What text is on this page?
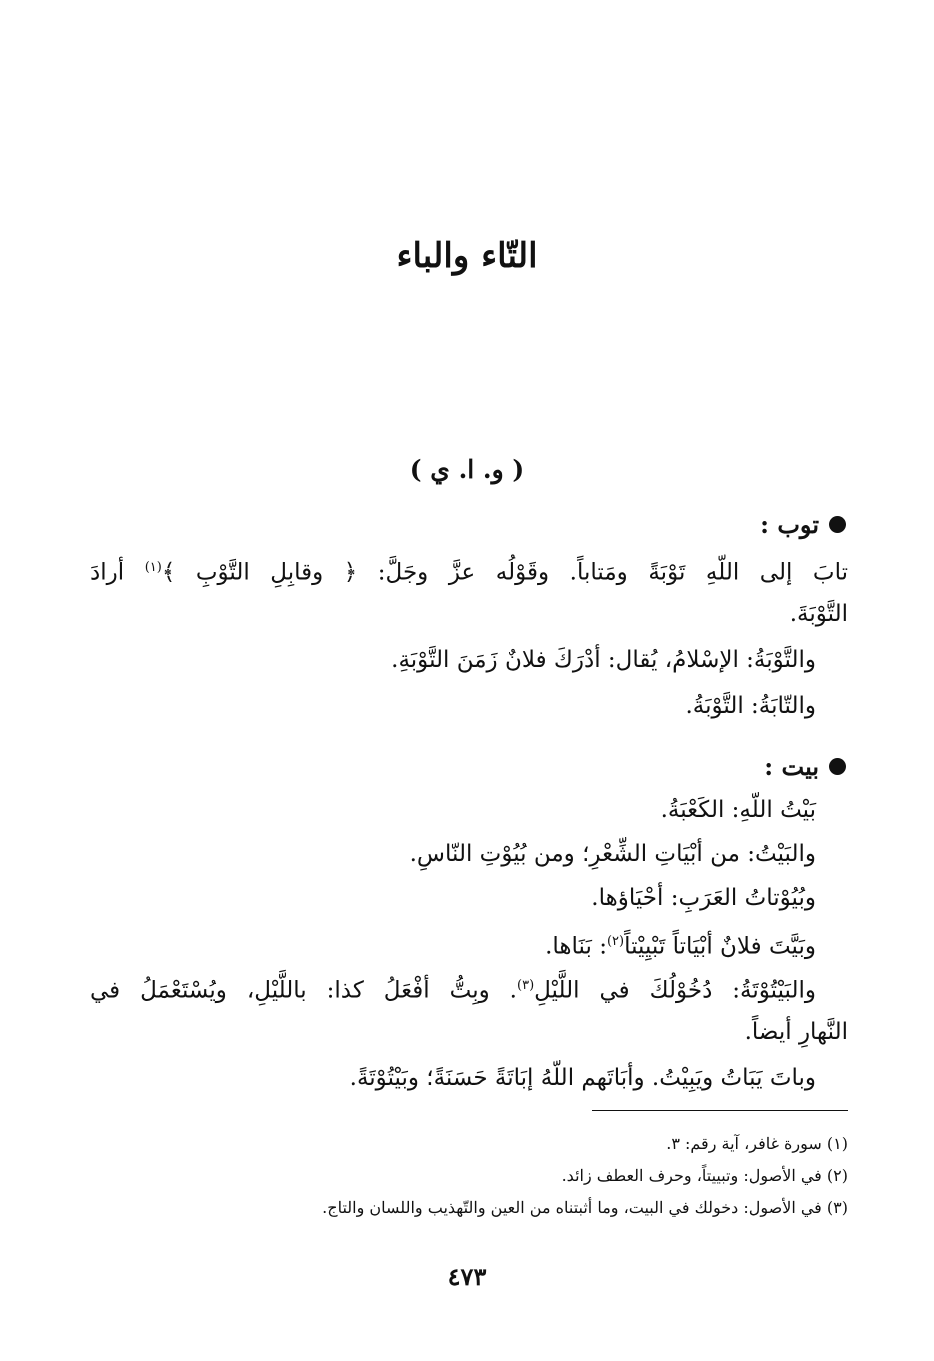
التّاء والباء
( و. ا. ي )
توب :
تابَ إلى اللّهِ تَوْبَةً ومَتاباً. وقَوْلُه عزَّ وجَلَّ: ﴿ وقابِلِ التَّوْبِ ﴾$^{(١)}$ أرادَ
التَّوْبَةَ.
والتَّوْبَةُ: الإسْلامُ، يُقال: أدْرَكَ فلانٌ زَمَنَ التَّوْبَةِ.
والتّابَةُ: التَّوْبَةُ.
بيت :
بَيْتُ اللّهِ: الكَعْبَةُ.
والبَيْتُ: من أبْيَاتِ الشِّعْرِ؛ ومن بُيُوْتِ النّاسِ.
وبُيُوْتاتُ العَرَبِ: أحْيَاؤها.
وبَيَّتَ فلانٌ أبْيَاتاً تَبْيِيْتاً$^{(٢)}$: بَنَاها.
والبَيْتُوْتَةُ: دُخُوْلُكَ في اللَّيْلِ$^{(٣)}$. وبِتُّ أفْعَلُ كذا: باللَّيْلِ، ويُسْتَعْمَلُ في
النَّهارِ أيضاً.
وباتَ يَبَاتُ ويَبِيْتُ. وأبَاتَهم اللّهُ إبَاتَةً حَسَنَةً؛ وبَيْتُوْتَةً.
(١) سورة غافر، آية رقم: ٣.
(٢) في الأصول: وتبييتاً، وحرف العطف زائد.
(٣) في الأصول: دخولك في البيت، وما أثبتناه من العين والتّهذيب واللسان والتاج.
٤٧٣
